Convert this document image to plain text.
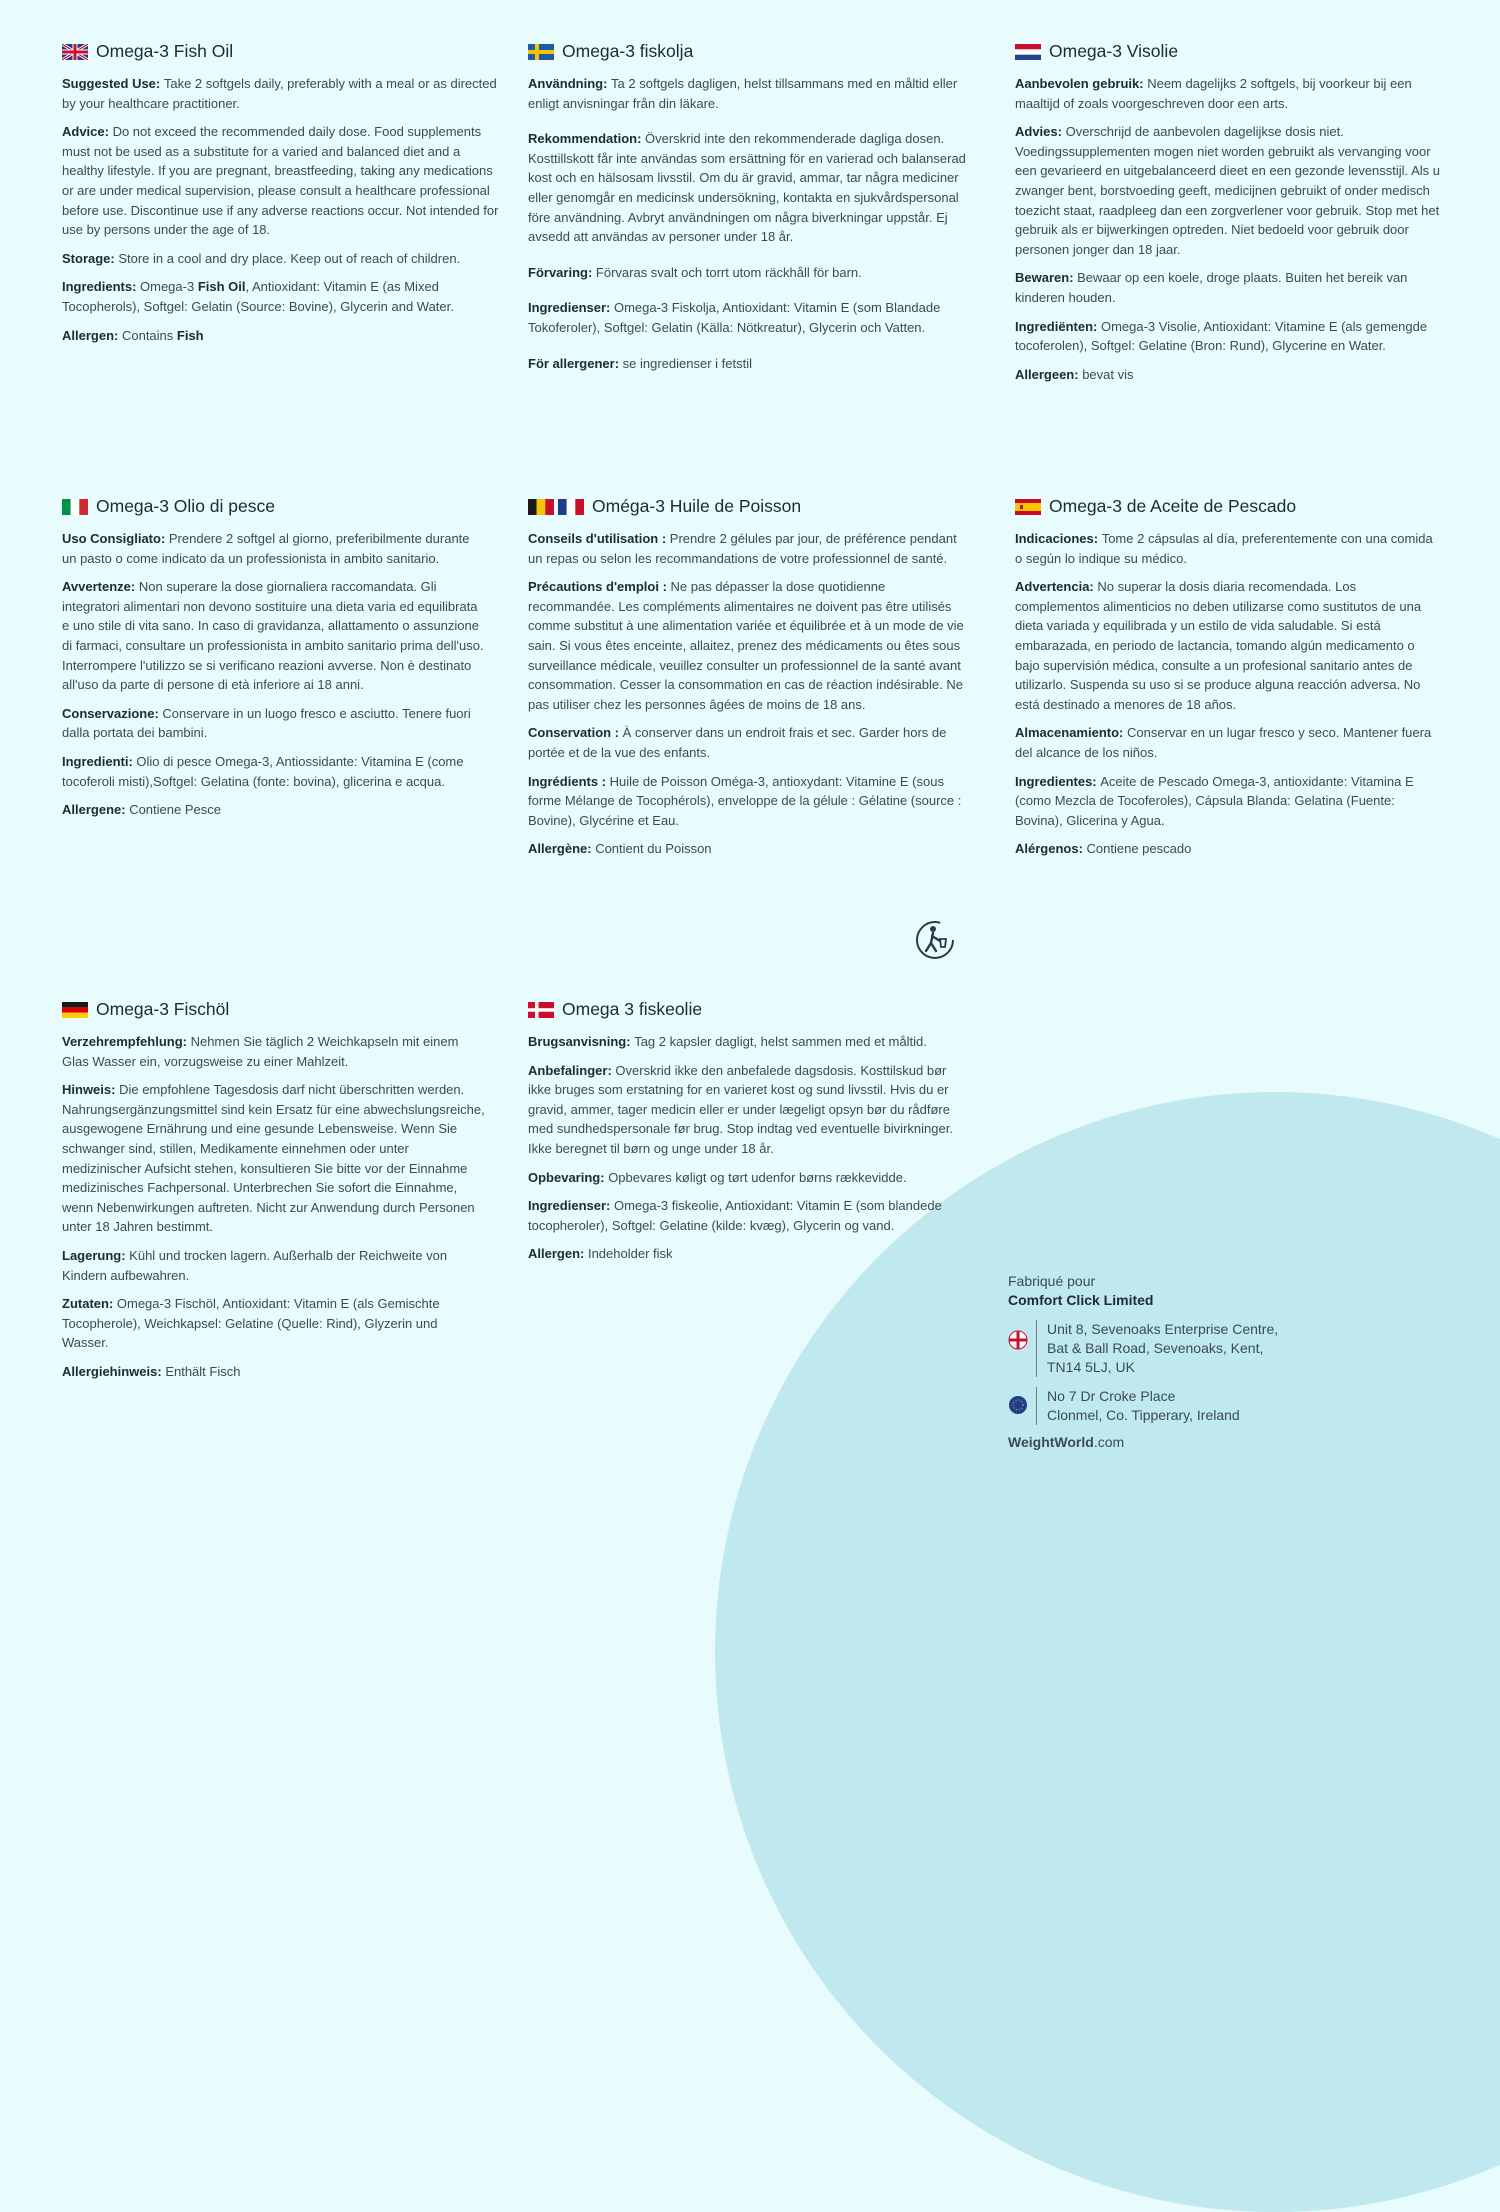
Omega-3 Fish Oil

Suggested Use: Take 2 softgels daily, preferably with a meal or as directed by your healthcare practitioner.

Advice: Do not exceed the recommended daily dose. Food supplements must not be used as a substitute for a varied and balanced diet and a healthy lifestyle. If you are pregnant, breastfeeding, taking any medications or are under medical supervision, please consult a healthcare professional before use. Discontinue use if any adverse reactions occur. Not intended for use by persons under the age of 18.

Storage: Store in a cool and dry place. Keep out of reach of children.

Ingredients: Omega-3 Fish Oil, Antioxidant: Vitamin E (as Mixed Tocopherols), Softgel: Gelatin (Source: Bovine), Glycerin and Water.

Allergen: Contains Fish

Omega-3 fiskolja

Användning: Ta 2 softgels dagligen, helst tillsammans med en måltid eller enligt anvisningar från din läkare.

Rekommendation: Överskrid inte den rekommenderade dagliga dosen. Kosttillskott får inte användas som ersättning för en varierad och balanserad kost och en hälsosam livsstil. Om du är gravid, ammar, tar några mediciner eller genomgår en medicinsk undersökning, kontakta en sjukvårdspersonal före användning. Avbryt användningen om några biverkningar uppstår. Ej avsedd att användas av personer under 18 år.

Förvaring: Förvaras svalt och torrt utom räckhåll för barn.

Ingredienser: Omega-3 Fiskolja, Antioxidant: Vitamin E (som Blandade Tokoferoler), Softgel: Gelatin (Källa: Nötkreatur), Glycerin och Vatten.

För allergener: se ingredienser i fetstil

Omega-3 Visolie

Aanbevolen gebruik: Neem dagelijks 2 softgels, bij voorkeur bij een maaltijd of zoals voorgeschreven door een arts.

Advies: Overschrijd de aanbevolen dagelijkse dosis niet. Voedingssupplementen mogen niet worden gebruikt als vervanging voor een gevarieerd en uitgebalanceerd dieet en een gezonde levensstijl. Als u zwanger bent, borstvoeding geeft, medicijnen gebruikt of onder medisch toezicht staat, raadpleeg dan een zorgverlener voor gebruik. Stop met het gebruik als er bijwerkingen optreden. Niet bedoeld voor gebruik door personen jonger dan 18 jaar.

Bewaren: Bewaar op een koele, droge plaats. Buiten het bereik van kinderen houden.

Ingrediënten: Omega-3 Visolie, Antioxidant: Vitamine E (als gemengde tocoferolen), Softgel: Gelatine (Bron: Rund), Glycerine en Water.

Allergeen: bevat vis

Omega-3 Olio di pesce

Uso Consigliato: Prendere 2 softgel al giorno, preferibilmente durante un pasto o come indicato da un professionista in ambito sanitario.

Avvertenze: Non superare la dose giornaliera raccomandata. Gli integratori alimentari non devono sostituire una dieta varia ed equilibrata e uno stile di vita sano. In caso di gravidanza, allattamento o assunzione di farmaci, consultare un professionista in ambito sanitario prima dell'uso. Interrompere l'utilizzo se si verificano reazioni avverse. Non è destinato all'uso da parte di persone di età inferiore ai 18 anni.

Conservazione: Conservare in un luogo fresco e asciutto. Tenere fuori dalla portata dei bambini.

Ingredienti: Olio di pesce Omega-3, Antiossidante: Vitamina E (come tocoferoli misti),Softgel: Gelatina (fonte: bovina), glicerina e acqua.

Allergene: Contiene Pesce

Oméga-3 Huile de Poisson

Conseils d'utilisation : Prendre 2 gélules par jour, de préférence pendant un repas ou selon les recommandations de votre professionnel de santé.

Précautions d'emploi : Ne pas dépasser la dose quotidienne recommandée. Les compléments alimentaires ne doivent pas être utilisés comme substitut à une alimentation variée et équilibrée et à un mode de vie sain. Si vous êtes enceinte, allaitez, prenez des médicaments ou êtes sous surveillance médicale, veuillez consulter un professionnel de la santé avant consommation. Cesser la consommation en cas de réaction indésirable. Ne pas utiliser chez les personnes âgées de moins de 18 ans.

Conservation : À conserver dans un endroit frais et sec. Garder hors de portée et de la vue des enfants.

Ingrédients : Huile de Poisson Oméga-3, antioxydant: Vitamine E (sous forme Mélange de Tocophérols), enveloppe de la gélule : Gélatine (source : Bovine), Glycérine et Eau.

Allergène: Contient du Poisson

Omega-3 de Aceite de Pescado

Indicaciones: Tome 2 cápsulas al día, preferentemente con una comida o según lo indique su médico.

Advertencia: No superar la dosis diaria recomendada. Los complementos alimenticios no deben utilizarse como sustitutos de una dieta variada y equilibrada y un estilo de vida saludable. Si está embarazada, en periodo de lactancia, tomando algún medicamento o bajo supervisión médica, consulte a un profesional sanitario antes de utilizarlo. Suspenda su uso si se produce alguna reacción adversa. No está destinado a menores de 18 años.

Almacenamiento: Conservar en un lugar fresco y seco. Mantener fuera del alcance de los niños.

Ingredientes: Aceite de Pescado Omega-3, antioxidante: Vitamina E (como Mezcla de Tocoferoles), Cápsula Blanda: Gelatina (Fuente: Bovina), Glicerina y Agua.

Alérgenos: Contiene pescado

Omega-3 Fischöl

Verzehrempfehlung: Nehmen Sie täglich 2 Weichkapseln mit einem Glas Wasser ein, vorzugsweise zu einer Mahlzeit.

Hinweis: Die empfohlene Tagesdosis darf nicht überschritten werden. Nahrungsergänzungsmittel sind kein Ersatz für eine abwechslungsreiche, ausgewogene Ernährung und eine gesunde Lebensweise. Wenn Sie schwanger sind, stillen, Medikamente einnehmen oder unter medizinischer Aufsicht stehen, konsultieren Sie bitte vor der Einnahme medizinisches Fachpersonal. Unterbrechen Sie sofort die Einnahme, wenn Nebenwirkungen auftreten. Nicht zur Anwendung durch Personen unter 18 Jahren bestimmt.

Lagerung: Kühl und trocken lagern. Außerhalb der Reichweite von Kindern aufbewahren.

Zutaten: Omega-3 Fischöl, Antioxidant: Vitamin E (als Gemischte Tocopherole), Weichkapsel: Gelatine (Quelle: Rind), Glyzerin und Wasser.

Allergiehinweis: Enthält Fisch

Omega 3 fiskeolie

Brugsanvisning: Tag 2 kapsler dagligt, helst sammen med et måltid.

Anbefalinger: Overskrid ikke den anbefalede dagsdosis. Kosttilskud bør ikke bruges som erstatning for en varieret kost og sund livsstil. Hvis du er gravid, ammer, tager medicin eller er under lægeligt opsyn bør du rådføre med sundhedspersonale før brug. Stop indtag ved eventuelle bivirkninger. Ikke beregnet til børn og unge under 18 år.

Opbevaring: Opbevares køligt og tørt udenfor børns rækkevidde.

Ingredienser: Omega-3 fiskeolie, Antioxidant: Vitamin E (som blandede tocopheroler), Softgel: Gelatine (kilde: kvæg), Glycerin og vand.

Allergen: Indeholder fisk

Fabriqué pour
Comfort Click Limited
Unit 8, Sevenoaks Enterprise Centre,
Bat & Ball Road, Sevenoaks, Kent,
TN14 5LJ, UK
No 7 Dr Croke Place
Clonmel, Co. Tipperary, Ireland
WeightWorld.com
